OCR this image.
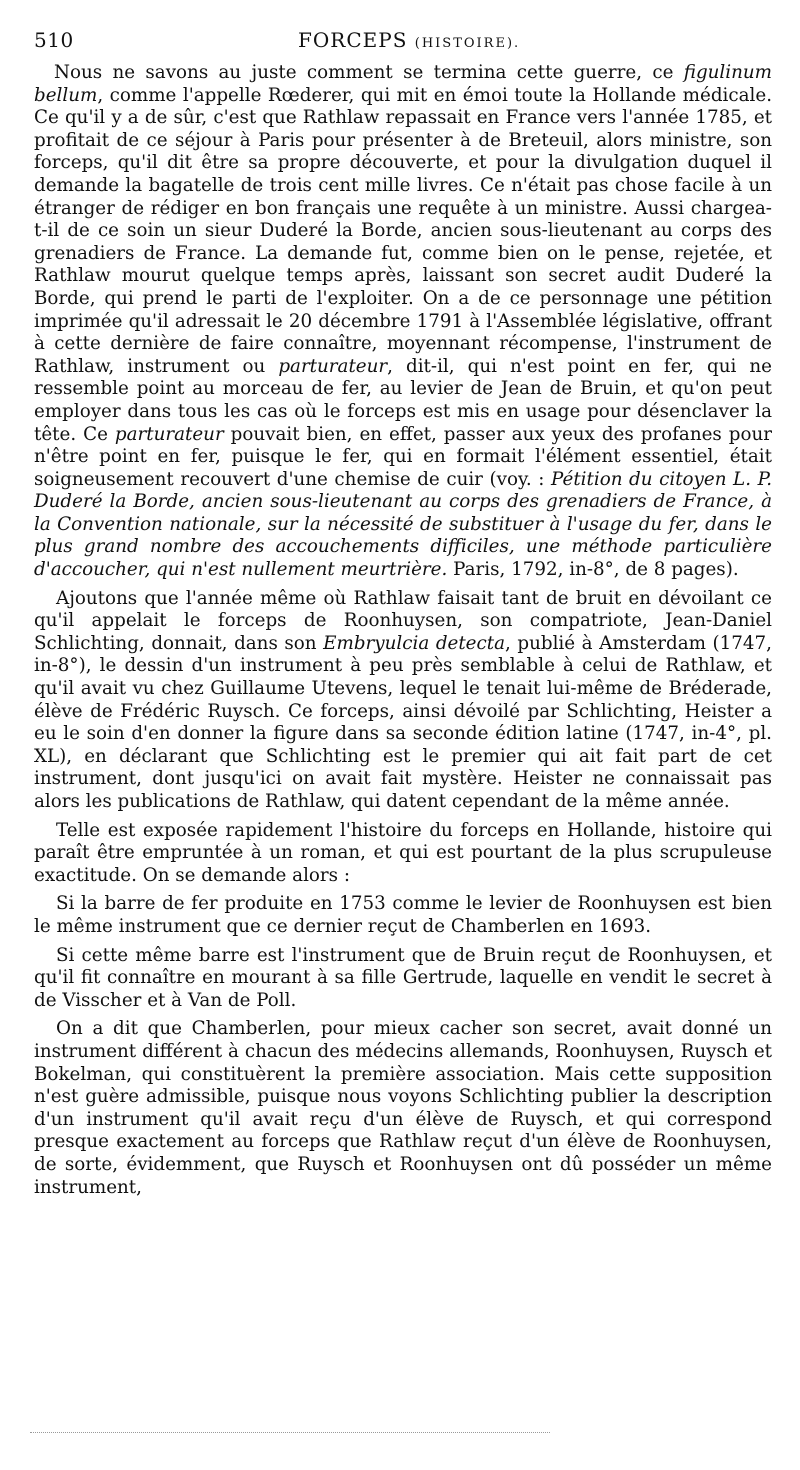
510	FORCEPS (HISTOIRE).

Nous ne savons au juste comment se termina cette guerre, ce figulinum bellum, comme l'appelle Rœderer, qui mit en émoi toute la Hollande médicale. Ce qu'il y a de sûr, c'est que Rathlaw repassait en France vers l'année 1785, et profitait de ce séjour à Paris pour présenter à de Breteuil, alors ministre, son forceps, qu'il dit être sa propre découverte, et pour la divulgation duquel il demande la bagatelle de trois cent mille livres. Ce n'était pas chose facile à un étranger de rédiger en bon français une requête à un ministre. Aussi chargea-t-il de ce soin un sieur Duderé la Borde, ancien sous-lieutenant au corps des grenadiers de France. La demande fut, comme bien on le pense, rejetée, et Rathlaw mourut quelque temps après, laissant son secret audit Duderé la Borde, qui prend le parti de l'exploiter. On a de ce personnage une pétition imprimée qu'il adressait le 20 décembre 1791 à l'Assemblée législative, offrant à cette dernière de faire connaître, moyennant récompense, l'instrument de Rathlaw, instrument ou parturateur, dit-il, qui n'est point en fer, qui ne ressemble point au morceau de fer, au levier de Jean de Bruin, et qu'on peut employer dans tous les cas où le forceps est mis en usage pour désenclaver la tête. Ce parturateur pouvait bien, en effet, passer aux yeux des profanes pour n'être point en fer, puisque le fer, qui en formait l'élément essentiel, était soigneusement recouvert d'une chemise de cuir (voy. : Pétition du citoyen L. P. Duderé la Borde, ancien sous-lieutenant au corps des grenadiers de France, à la Convention nationale, sur la nécessité de substituer à l'usage du fer, dans le plus grand nombre des accouchements difficiles, une méthode particulière d'accoucher, qui n'est nullement meurtrière. Paris, 1792, in-8°, de 8 pages).

Ajoutons que l'année même où Rathlaw faisait tant de bruit en dévoilant ce qu'il appelait le forceps de Roonhuysen, son compatriote, Jean-Daniel Schlichting, donnait, dans son Embryulcia detecta, publié à Amsterdam (1747, in-8°), le dessin d'un instrument à peu près semblable à celui de Rathlaw, et qu'il avait vu chez Guillaume Utevens, lequel le tenait lui-même de Bréderade, élève de Frédéric Ruysch. Ce forceps, ainsi dévoilé par Schlichting, Heister a eu le soin d'en donner la figure dans sa seconde édition latine (1747, in-4°, pl. XL), en déclarant que Schlichting est le premier qui ait fait part de cet instrument, dont jusqu'ici on avait fait mystère. Heister ne connaissait pas alors les publications de Rathlaw, qui datent cependant de la même année.

Telle est exposée rapidement l'histoire du forceps en Hollande, histoire qui paraît être empruntée à un roman, et qui est pourtant de la plus scrupuleuse exactitude. On se demande alors :

Si la barre de fer produite en 1753 comme le levier de Roonhuysen est bien le même instrument que ce dernier reçut de Chamberlen en 1693.

Si cette même barre est l'instrument que de Bruin reçut de Roonhuysen, et qu'il fit connaître en mourant à sa fille Gertrude, laquelle en vendit le secret à de Visscher et à Van de Poll.

On a dit que Chamberlen, pour mieux cacher son secret, avait donné un instrument différent à chacun des médecins allemands, Roonhuysen, Ruysch et Bokelman, qui constituèrent la première association. Mais cette supposition n'est guère admissible, puisque nous voyons Schlichting publier la description d'un instrument qu'il avait reçu d'un élève de Ruysch, et qui correspond presque exactement au forceps que Rathlaw reçut d'un élève de Roonhuysen, de sorte, évidemment, que Ruysch et Roonhuysen ont dû posséder un même instrument,
